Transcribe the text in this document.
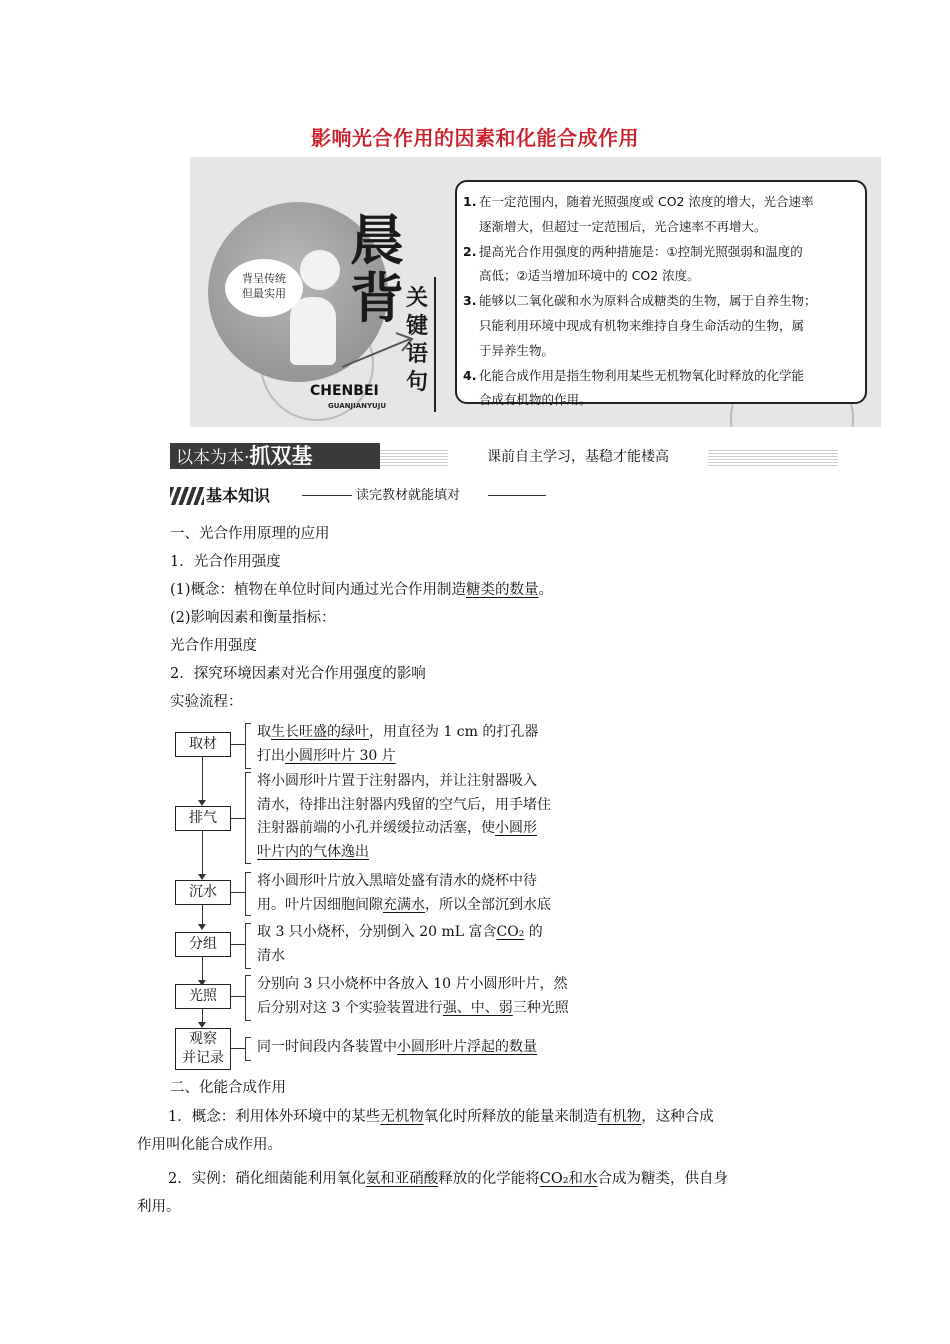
影响光合作用的因素和化能合成作用
背呈传统
但最实用
晨
背 关键语句
CHENBEI
GUANJIANYUJU
1. 在一定范围内，随着光照强度或 CO2 浓度的增大，光合速率
逐渐增大，但超过一定范围后，光合速率不再增大。
2. 提高光合作用强度的两种措施是：①控制光照强弱和温度的
高低；②适当增加环境中的 CO2 浓度。
3. 能够以二氧化碳和水为原料合成糖类的生物，属于自养生物；
只能利用环境中现成有机物来维持自身生命活动的生物，属
于异养生物。
4. 化能合成作用是指生物利用某些无机物氧化时释放的化学能
合成有机物的作用。
以本为本·抓双基	课前自主学习，基稳才能楼高
基本知识	读完教材就能填对
一、光合作用原理的应用
1．光合作用强度
(1)概念：植物在单位时间内通过光合作用制造糖类的数量。
(2)影响因素和衡量指标：
光合作用强度
2．探究环境因素对光合作用强度的影响
实验流程：
取材
取生长旺盛的绿叶，用直径为 1 cm 的打孔器
打出小圆形叶片 30 片
排气
将小圆形叶片置于注射器内，并让注射器吸入
清水，待排出注射器内残留的空气后，用手堵住
注射器前端的小孔并缓缓拉动活塞，使小圆形
叶片内的气体逸出
沉水
将小圆形叶片放入黑暗处盛有清水的烧杯中待
用。叶片因细胞间隙充满水，所以全部沉到水底
分组
取 3 只小烧杯，分别倒入 20 mL 富含CO₂ 的
清水
光照
分别向 3 只小烧杯中各放入 10 片小圆形叶片，然
后分别对这 3 个实验装置进行强、中、弱三种光照
观察
并记录
同一时间段内各装置中小圆形叶片浮起的数量
二、化能合成作用
1．概念：利用体外环境中的某些无机物氧化时所释放的能量来制造有机物，这种合成
作用叫化能合成作用。
2．实例：硝化细菌能利用氧化氨和亚硝酸释放的化学能将CO₂和水合成为糖类，供自身
利用。
